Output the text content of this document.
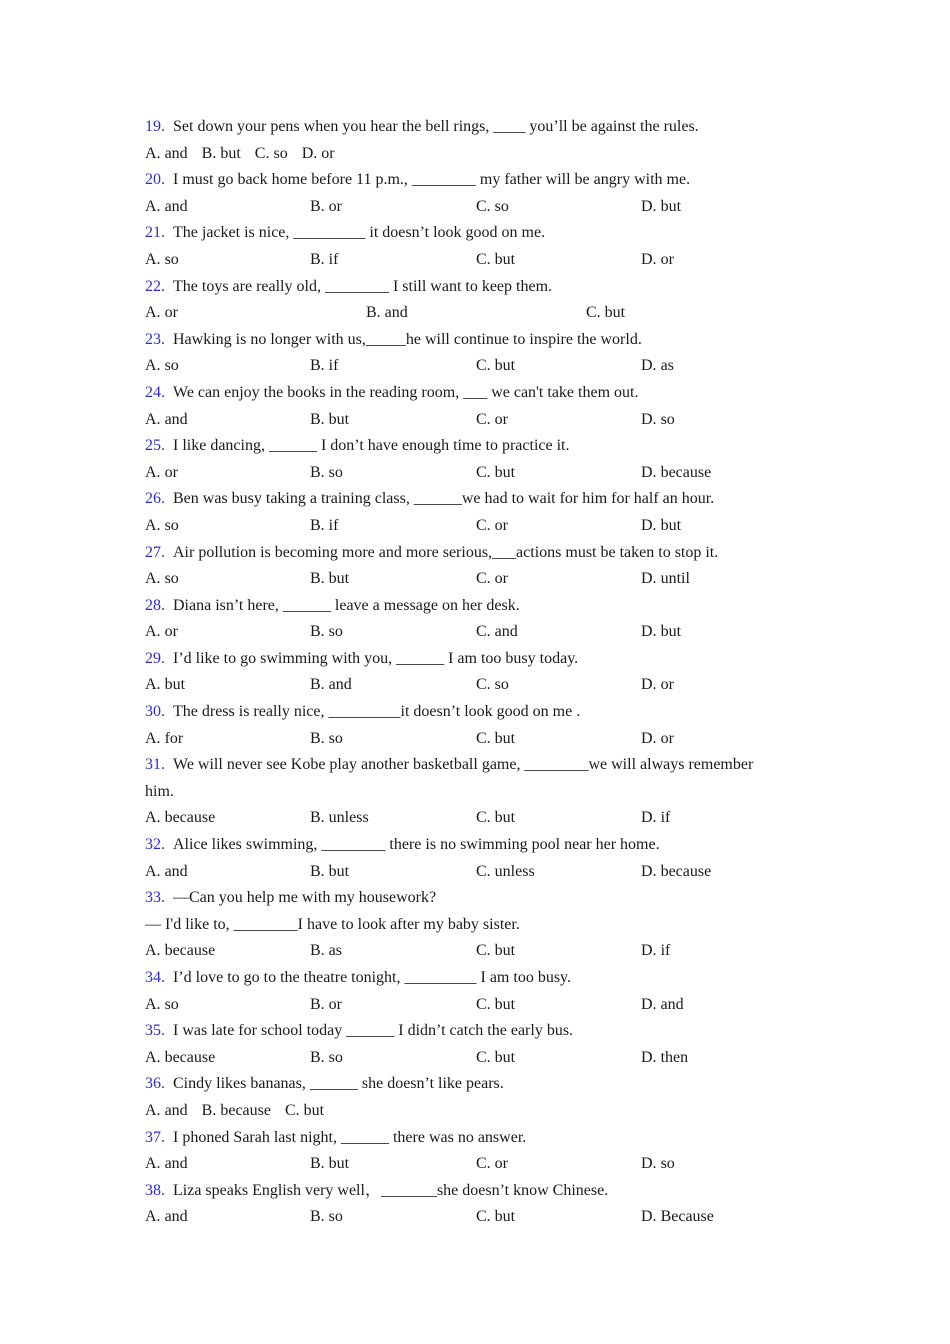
19. Set down your pens when you hear the bell rings, ____ you’ll be against the rules.
A. and B. but C. so D. or
20. I must go back home before 11 p.m., ________ my father will be angry with me.
A. and	B. or	C. so	D. but
21. The jacket is nice, _________ it doesn’t look good on me.
A. so	B. if	C. but	D. or
22. The toys are really old, ________ I still want to keep them.
A. or	B. and	C. but
23. Hawking is no longer with us,_____he will continue to inspire the world.
A. so	B. if	C. but	D. as
24. We can enjoy the books in the reading room, ___ we can't take them out.
A. and	B. but	C. or	D. so
25. I like dancing, ______ I don’t have enough time to practice it.
A. or	B. so	C. but	D. because
26. Ben was busy taking a training class, ______we had to wait for him for half an hour.
A. so	B. if	C. or	D. but
27. Air pollution is becoming more and more serious,___actions must be taken to stop it.
A. so	B. but	C. or	D. until
28. Diana isn’t here, ______ leave a message on her desk.
A. or	B. so	C. and	D. but
29. I’d like to go swimming with you, ______ I am too busy today.
A. but	B. and	C. so	D. or
30. The dress is really nice, _________it doesn’t look good on me .
A. for	B. so	C. but	D. or
31. We will never see Kobe play another basketball game, ________we will always remember
him.
A. because	B. unless	C. but	D. if
32. Alice likes swimming, ________ there is no swimming pool near her home.
A. and	B. but	C. unless	D. because
33. —Can you help me with my housework?
— I'd like to, ________I have to look after my baby sister.
A. because	B. as	C. but	D. if
34. I’d love to go to the theatre tonight, _________ I am too busy.
A. so	B. or	C. but	D. and
35. I was late for school today ______ I didn’t catch the early bus.
A. because	B. so	C. but	D. then
36. Cindy likes bananas, ______ she doesn’t like pears.
A. and B. because C. but
37. I phoned Sarah last night, ______ there was no answer.
A. and	B. but	C. or	D. so
38. Liza speaks English very well，_______she doesn’t know Chinese.
A. and	B. so	C. but	D. Because
